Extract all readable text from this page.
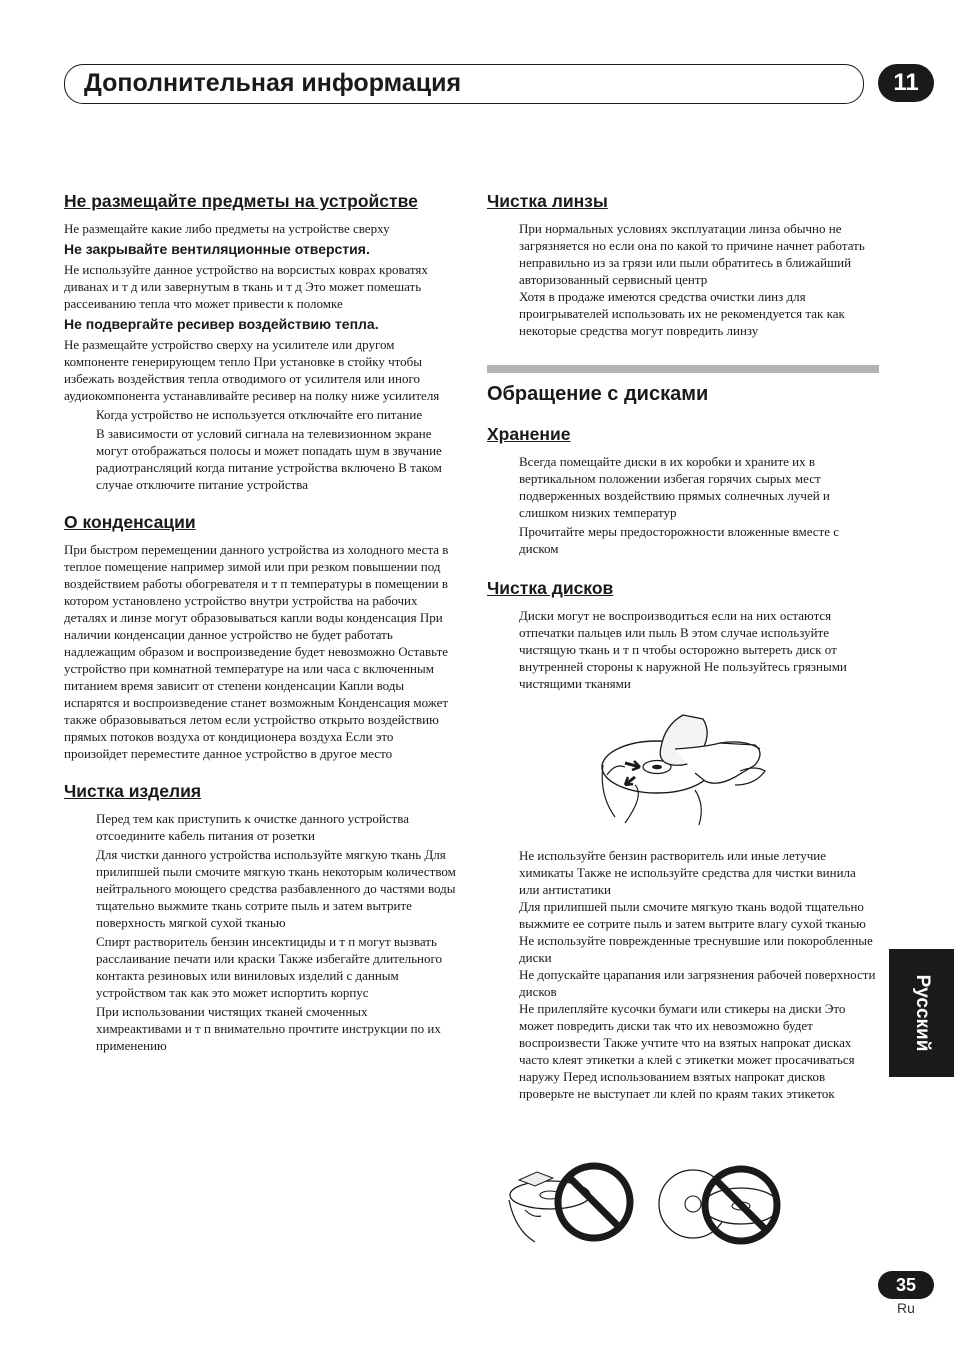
Дополнительная информация	11
Не размещайте предметы на устройстве

Не размещайте какие либо предметы на устройстве сверху

Не закрывайте вентиляционные отверстия.

Не используйте данное устройство на ворсистых коврах кроватях диванах и т д или завернутым в ткань и т д Это может помешать рассеиванию тепла что может привести к поломке

Не подвергайте ресивер воздействию тепла.

Не размещайте устройство сверху на усилителе или другом компоненте генерирующем тепло При установке в стойку чтобы избежать воздействия тепла отводимого от усилителя или иного аудиокомпонента устанавливайте ресивер на полку ниже усилителя

Когда устройство не используется отключайте его питание

В зависимости от условий сигнала на телевизионном экране могут отображаться полосы и может попадать шум в звучание радиотрансляций когда питание устройства включено В таком случае отключите питание устройства

О конденсации

При быстром перемещении данного устройства из холодного места в теплое помещение например зимой или при резком повышении под воздействием работы обогревателя и т п температуры в помещении в котором установлено устройство внутри устройства на рабочих деталях и линзе могут образовываться капли воды конденсация При наличии конденсации данное устройство не будет работать надлежащим образом и воспроизведение будет невозможно Оставьте устройство при комнатной температуре на или часа с включенным питанием время зависит от степени конденсации Капли воды испарятся и воспроизведение станет возможным Конденсация может также образовываться летом если устройство открыто воздействию прямых потоков воздуха от кондиционера воздуха Если это произойдет переместите данное устройство в другое место

Чистка изделия

Перед тем как приступить к очистке данного устройства отсоедините кабель питания от розетки

Для чистки данного устройства используйте мягкую ткань Для прилипшей пыли смочите мягкую ткань некоторым количеством нейтрального моющего средства разбавленного до частями воды тщательно выжмите ткань сотрите пыль и затем вытрите поверхность мягкой сухой тканью

Спирт растворитель бензин инсектициды и т п могут вызвать расслаивание печати или краски Также избегайте длительного контакта резиновых или виниловых изделий с данным устройством так как это может испортить корпус

При использовании чистящих тканей смоченных химреактивами и т п внимательно прочтите инструкции по их применению

Чистка линзы

При нормальных условиях эксплуатации линза обычно не загрязняется но если она по какой то причине начнет работать неправильно из за грязи или пыли обратитесь в ближайший авторизованный сервисный центр

Хотя в продаже имеются средства очистки линз для проигрывателей использовать их не рекомендуется так как некоторые средства могут повредить линзу

Обращение с дисками
Хранение

Всегда помещайте диски в их коробки и храните их в вертикальном положении избегая горячих сырых мест подверженных воздействию прямых солнечных лучей и слишком низких температур

Прочитайте меры предосторожности вложенные вместе с диском

Чистка дисков

Диски могут не воспроизводиться если на них остаются отпечатки пальцев или пыль В этом случае используйте чистящую ткань и т п чтобы осторожно вытереть диск от внутренней стороны к наружной Не пользуйтесь грязными чистящими тканями

Не используйте бензин растворитель или иные летучие химикаты Также не используйте средства для чистки винила или антистатики

Для прилипшей пыли смочите мягкую ткань водой тщательно выжмите ее сотрите пыль и затем вытрите влагу сухой тканью

Не используйте поврежденные треснувшие или покоробленные диски

Не допускайте царапания или загрязнения рабочей поверхности дисков

Не прилепляйте кусочки бумаги или стикеры на диски Это может повредить диски так что их невозможно будет воспроизвести Также учтите что на взятых напрокат дисках часто клеят этикетки а клей с этикетки может просачиваться наружу Перед использованием взятых напрокат дисков проверьте не выступает ли клей по краям таких этикеток

Русский
35
Ru
